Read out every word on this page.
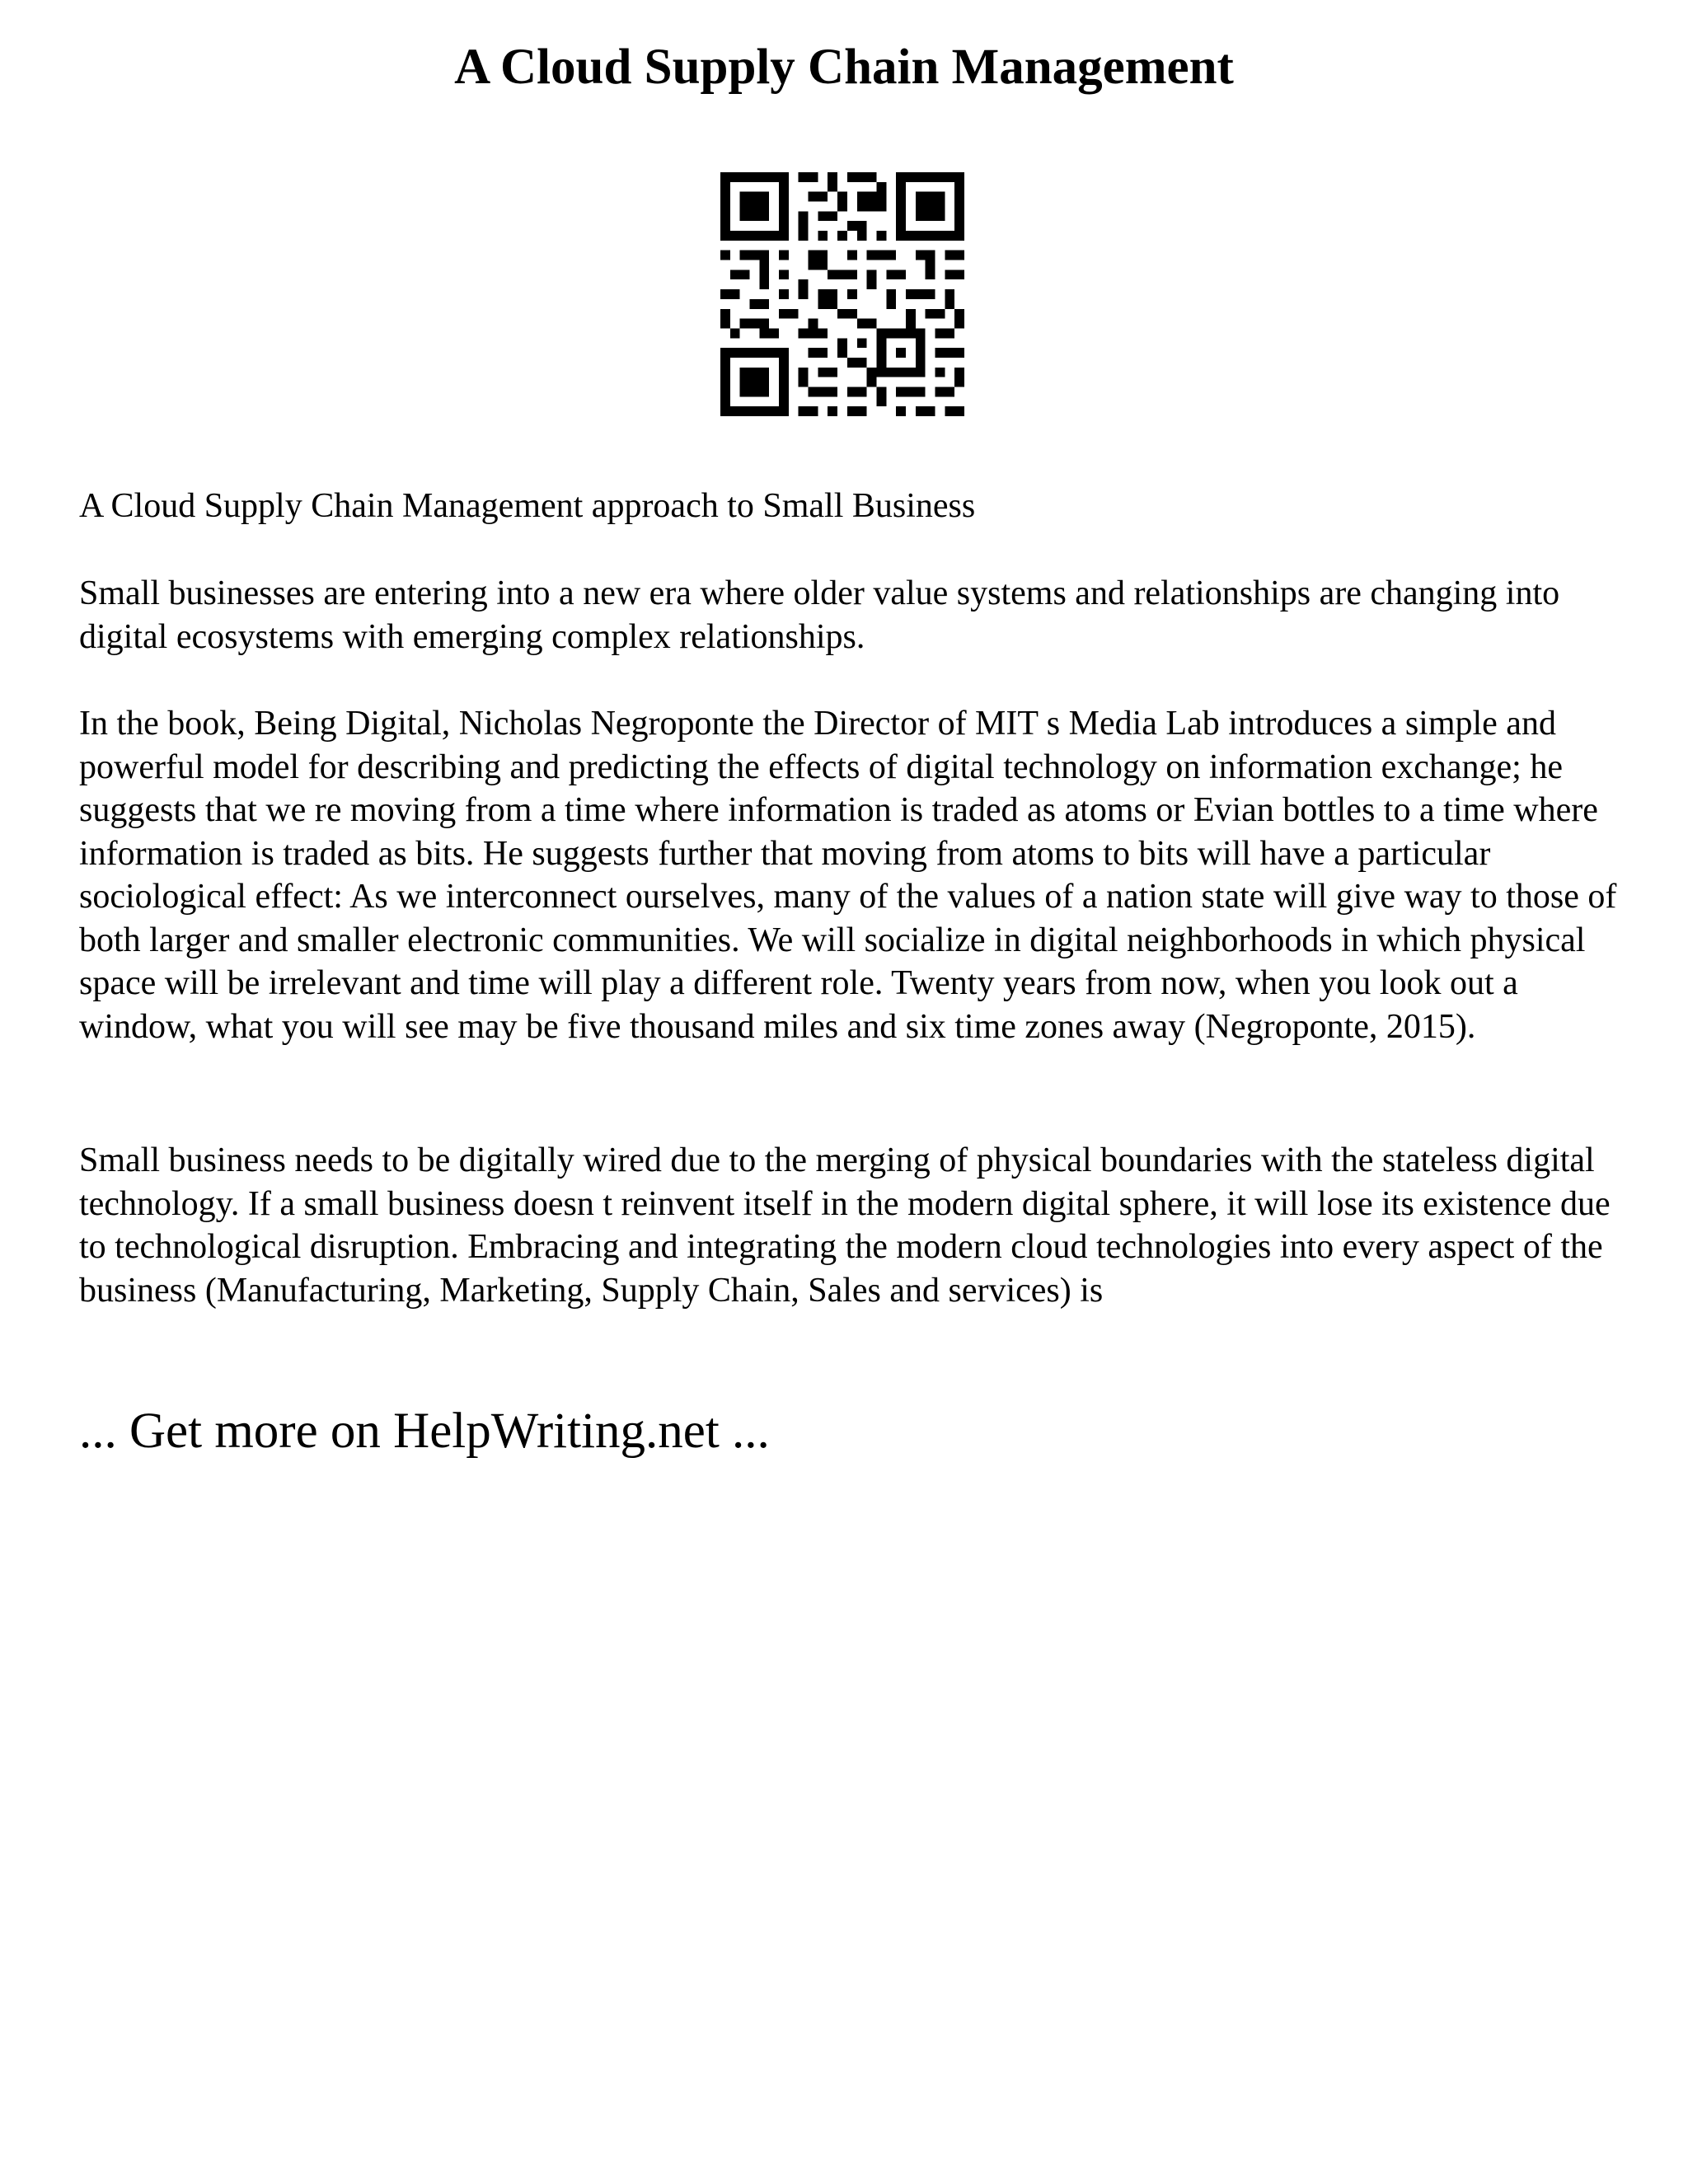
A Cloud Supply Chain Management

A Cloud Supply Chain Management approach to Small Business

Small businesses are entering into a new era where older value systems and relationships are changing into digital ecosystems with emerging complex relationships.

In the book, Being Digital, Nicholas Negroponte the Director of MIT s Media Lab introduces a simple and powerful model for describing and predicting the effects of digital technology on information exchange; he suggests that we re moving from a time where information is traded as atoms or Evian bottles to a time where information is traded as bits. He suggests further that moving from atoms to bits will have a particular sociological effect: As we interconnect ourselves, many of the values of a nation state will give way to those of both larger and smaller electronic communities. We will socialize in digital neighborhoods in which physical space will be irrelevant and time will play a different role. Twenty years from now, when you look out a window, what you will see may be five thousand miles and six time zones away (Negroponte, 2015).

Small business needs to be digitally wired due to the merging of physical boundaries with the stateless digital technology. If a small business doesn t reinvent itself in the modern digital sphere, it will lose its existence due to technological disruption. Embracing and integrating the modern cloud technologies into every aspect of the business (Manufacturing, Marketing, Supply Chain, Sales and services) is

... Get more on HelpWriting.net ...
